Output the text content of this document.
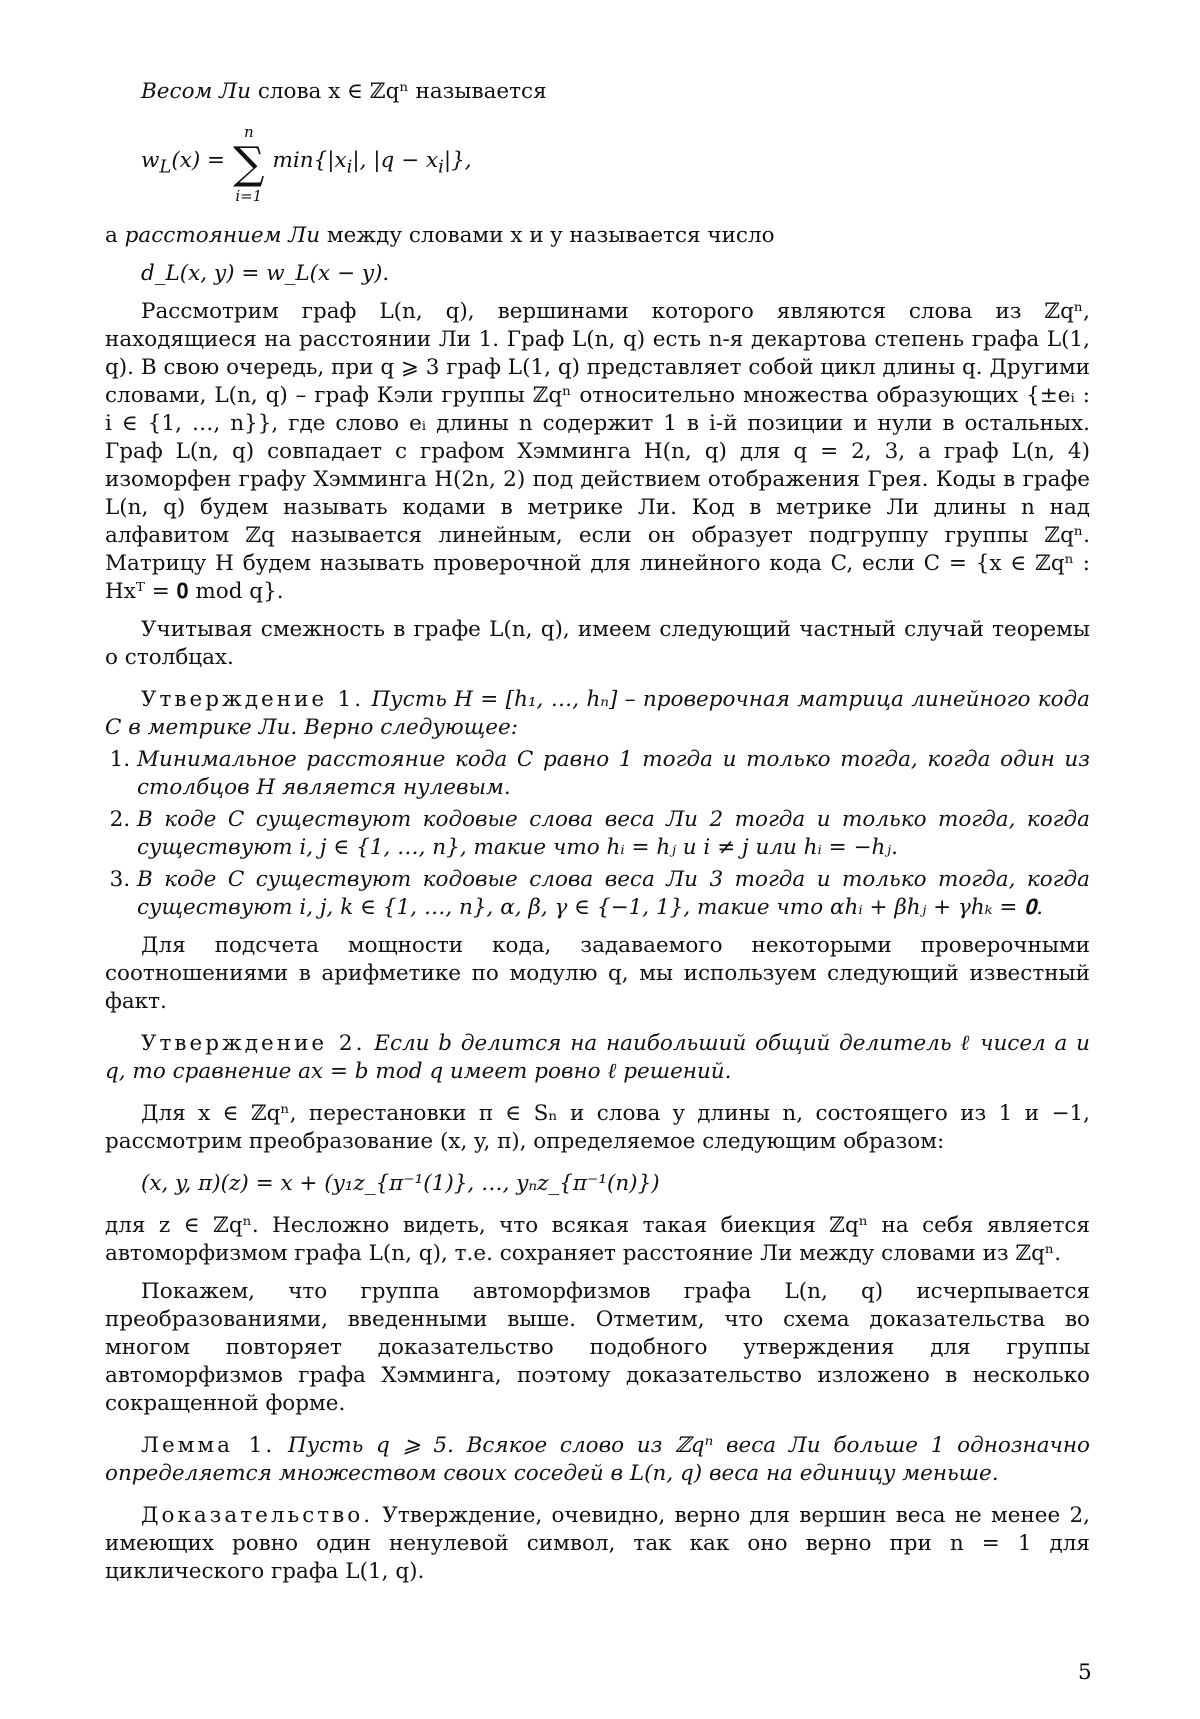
Весом Ли слова x ∈ ℤqⁿ называется

$w_L(x)$ =
n
∑
i=1
$\min\{|x_i|$, $|q - x_i|$},

а расстоянием Ли между словами x и y называется число

d_L(x, y) = w_L(x − y).

Рассмотрим граф L(n, q), вершинами которого являются слова из ℤqⁿ, находящиеся на расстоянии Ли 1. Граф L(n, q) есть n-я декартова степень графа L(1, q). В свою очередь, при q ⩾ 3 граф L(1, q) представляет собой цикл длины q. Другими словами, L(n, q) – граф Кэли группы ℤqⁿ относительно множества образующих {±eᵢ : i ∈ {1, …, n}}, где слово eᵢ длины n содержит 1 в i-й позиции и нули в остальных. Граф L(n, q) совпадает с графом Хэмминга H(n, q) для q = 2, 3, а граф L(n, 4) изоморфен графу Хэмминга H(2n, 2) под действием отображения Грея. Коды в графе L(n, q) будем называть кодами в метрике Ли. Код в метрике Ли длины n над алфавитом ℤq называется линейным, если он образует подгруппу группы ℤqⁿ. Матрицу H будем называть проверочной для линейного кода C, если C = {x ∈ ℤqⁿ : Hxᵀ = 𝟎 mod q}.

Учитывая смежность в графе L(n, q), имеем следующий частный случай теоремы о столбцах.

Утверждение 1. Пусть H = [h₁, …, hₙ] – проверочная матрица линейного кода C в метрике Ли. Верно следующее:

1. Минимальное расстояние кода C равно 1 тогда и только тогда, когда один из столбцов H является нулевым.
2. В коде C существуют кодовые слова веса Ли 2 тогда и только тогда, когда существуют i, j ∈ {1, …, n}, такие что hᵢ = hⱼ и i ≠ j или hᵢ = −hⱼ.
3. В коде C существуют кодовые слова веса Ли 3 тогда и только тогда, когда существуют i, j, k ∈ {1, …, n}, α, β, γ ∈ {−1, 1}, такие что αhᵢ + βhⱼ + γhₖ = 𝟎.

Для подсчета мощности кода, задаваемого некоторыми проверочными соотношениями в арифметике по модулю q, мы используем следующий известный факт.

Утверждение 2. Если b делится на наибольший общий делитель ℓ чисел a и q, то сравнение ax = b mod q имеет ровно ℓ решений.

Для x ∈ ℤqⁿ, перестановки π ∈ Sₙ и слова y длины n, состоящего из 1 и −1, рассмотрим преобразование (x, y, π), определяемое следующим образом:

(x, y, π)(z) = x + (y₁z_{π⁻¹(1)}, …, yₙz_{π⁻¹(n)})

для z ∈ ℤqⁿ. Несложно видеть, что всякая такая биекция ℤqⁿ на себя является автоморфизмом графа L(n, q), т.е. сохраняет расстояние Ли между словами из ℤqⁿ.

Покажем, что группа автоморфизмов графа L(n, q) исчерпывается преобразованиями, введенными выше. Отметим, что схема доказательства во многом повторяет доказательство подобного утверждения для группы автоморфизмов графа Хэмминга, поэтому доказательство изложено в несколько сокращенной форме.

Лемма 1. Пусть q ⩾ 5. Всякое слово из ℤqⁿ веса Ли больше 1 однозначно определяется множеством своих соседей в L(n, q) веса на единицу меньше.

Доказательство. Утверждение, очевидно, верно для вершин веса не менее 2, имеющих ровно один ненулевой символ, так как оно верно при n = 1 для циклического графа L(1, q).

5
